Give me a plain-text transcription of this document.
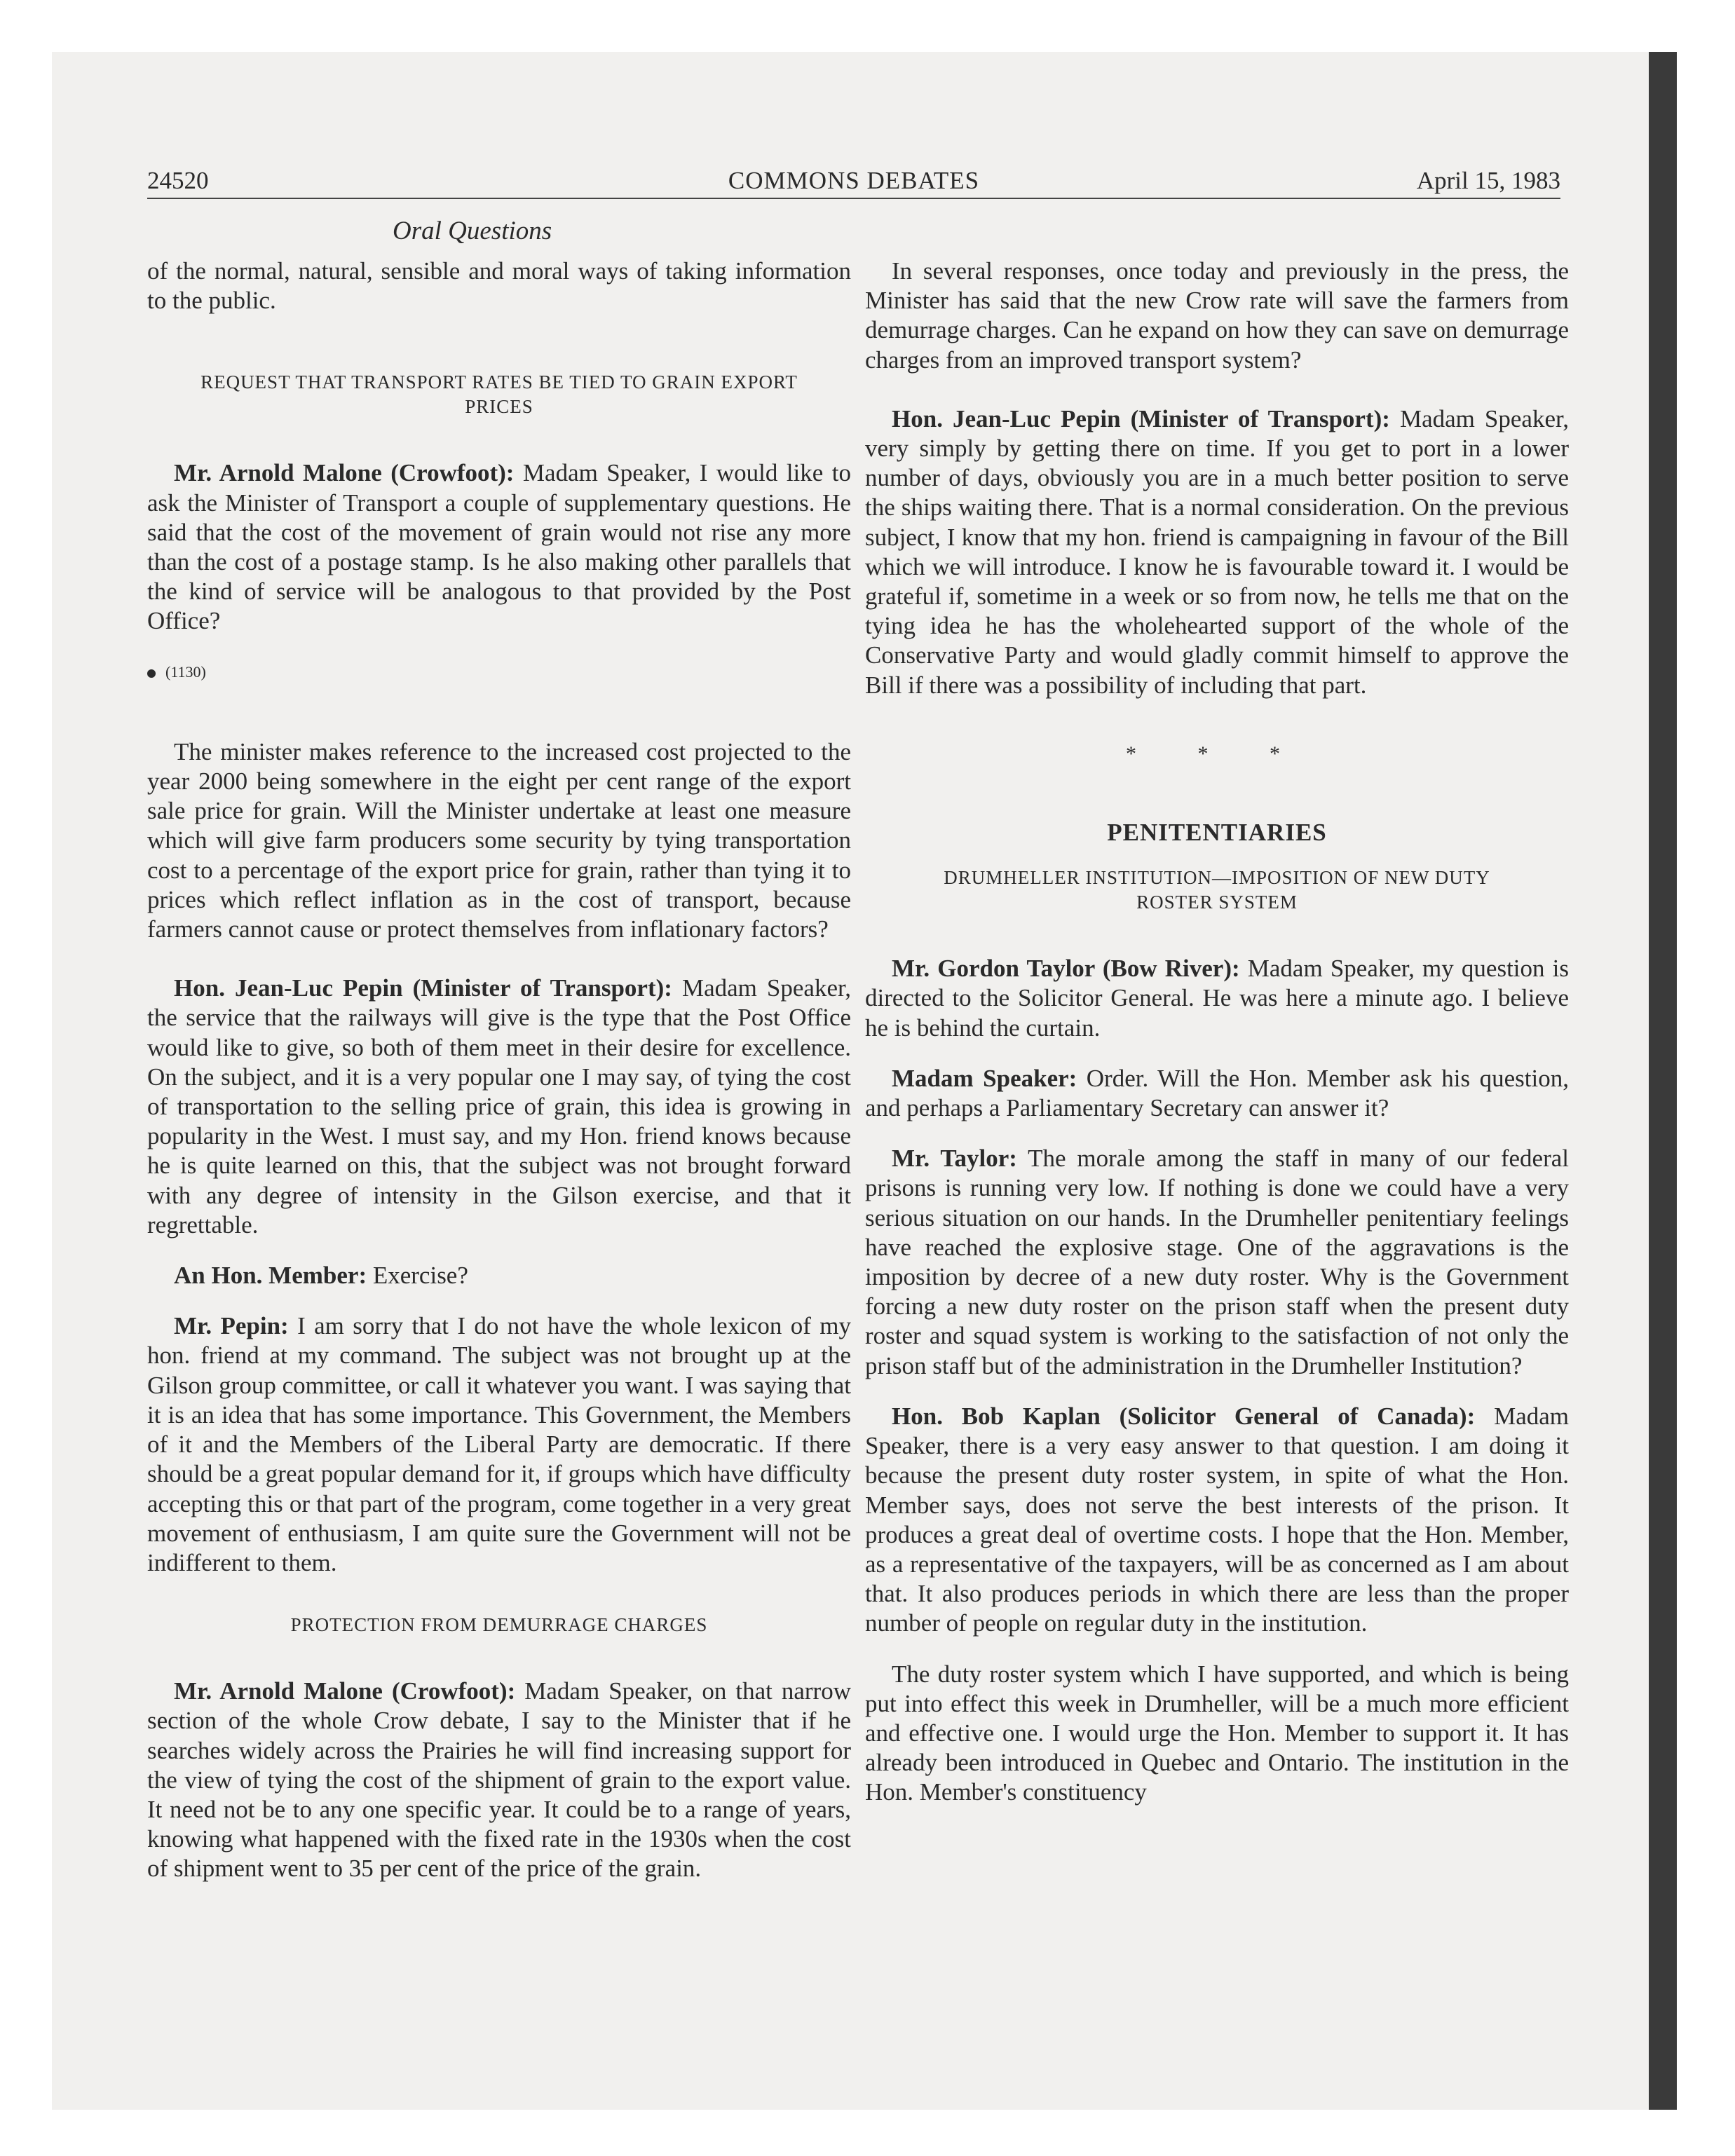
24520	COMMONS DEBATES	April 15, 1983
Oral Questions

of the normal, natural, sensible and moral ways of taking information to the public.

REQUEST THAT TRANSPORT RATES BE TIED TO GRAIN EXPORT PRICES

Mr. Arnold Malone (Crowfoot): Madam Speaker, I would like to ask the Minister of Transport a couple of supplementary questions. He said that the cost of the movement of grain would not rise any more than the cost of a postage stamp. Is he also making other parallels that the kind of service will be analogous to that provided by the Post Office?

(1130)

The minister makes reference to the increased cost projected to the year 2000 being somewhere in the eight per cent range of the export sale price for grain. Will the Minister undertake at least one measure which will give farm producers some security by tying transportation cost to a percentage of the export price for grain, rather than tying it to prices which reflect inflation as in the cost of transport, because farmers cannot cause or protect themselves from inflationary factors?

Hon. Jean-Luc Pepin (Minister of Transport): Madam Speaker, the service that the railways will give is the type that the Post Office would like to give, so both of them meet in their desire for excellence. On the subject, and it is a very popular one I may say, of tying the cost of transportation to the selling price of grain, this idea is growing in popularity in the West. I must say, and my Hon. friend knows because he is quite learned on this, that the subject was not brought forward with any degree of intensity in the Gilson exercise, and that it regrettable.

An Hon. Member: Exercise?

Mr. Pepin: I am sorry that I do not have the whole lexicon of my hon. friend at my command. The subject was not brought up at the Gilson group committee, or call it whatever you want. I was saying that it is an idea that has some importance. This Government, the Members of it and the Members of the Liberal Party are democratic. If there should be a great popular demand for it, if groups which have difficulty accepting this or that part of the program, come together in a very great movement of enthusiasm, I am quite sure the Government will not be indifferent to them.

PROTECTION FROM DEMURRAGE CHARGES

Mr. Arnold Malone (Crowfoot): Madam Speaker, on that narrow section of the whole Crow debate, I say to the Minister that if he searches widely across the Prairies he will find increasing support for the view of tying the cost of the shipment of grain to the export value. It need not be to any one specific year. It could be to a range of years, knowing what happened with the fixed rate in the 1930s when the cost of shipment went to 35 per cent of the price of the grain.

In several responses, once today and previously in the press, the Minister has said that the new Crow rate will save the farmers from demurrage charges. Can he expand on how they can save on demurrage charges from an improved transport system?

Hon. Jean-Luc Pepin (Minister of Transport): Madam Speaker, very simply by getting there on time. If you get to port in a lower number of days, obviously you are in a much better position to serve the ships waiting there. That is a normal consideration. On the previous subject, I know that my hon. friend is campaigning in favour of the Bill which we will introduce. I know he is favourable toward it. I would be grateful if, sometime in a week or so from now, he tells me that on the tying idea he has the wholehearted support of the whole of the Conservative Party and would gladly commit himself to approve the Bill if there was a possibility of including that part.

* * *
PENITENTIARIES
DRUMHELLER INSTITUTION—IMPOSITION OF NEW DUTY ROSTER SYSTEM

Mr. Gordon Taylor (Bow River): Madam Speaker, my question is directed to the Solicitor General. He was here a minute ago. I believe he is behind the curtain.

Madam Speaker: Order. Will the Hon. Member ask his question, and perhaps a Parliamentary Secretary can answer it?

Mr. Taylor: The morale among the staff in many of our federal prisons is running very low. If nothing is done we could have a very serious situation on our hands. In the Drumheller penitentiary feelings have reached the explosive stage. One of the aggravations is the imposition by decree of a new duty roster. Why is the Government forcing a new duty roster on the prison staff when the present duty roster and squad system is working to the satisfaction of not only the prison staff but of the administration in the Drumheller Institution?

Hon. Bob Kaplan (Solicitor General of Canada): Madam Speaker, there is a very easy answer to that question. I am doing it because the present duty roster system, in spite of what the Hon. Member says, does not serve the best interests of the prison. It produces a great deal of overtime costs. I hope that the Hon. Member, as a representative of the taxpayers, will be as concerned as I am about that. It also produces periods in which there are less than the proper number of people on regular duty in the institution.

The duty roster system which I have supported, and which is being put into effect this week in Drumheller, will be a much more efficient and effective one. I would urge the Hon. Member to support it. It has already been introduced in Quebec and Ontario. The institution in the Hon. Member's constituency
